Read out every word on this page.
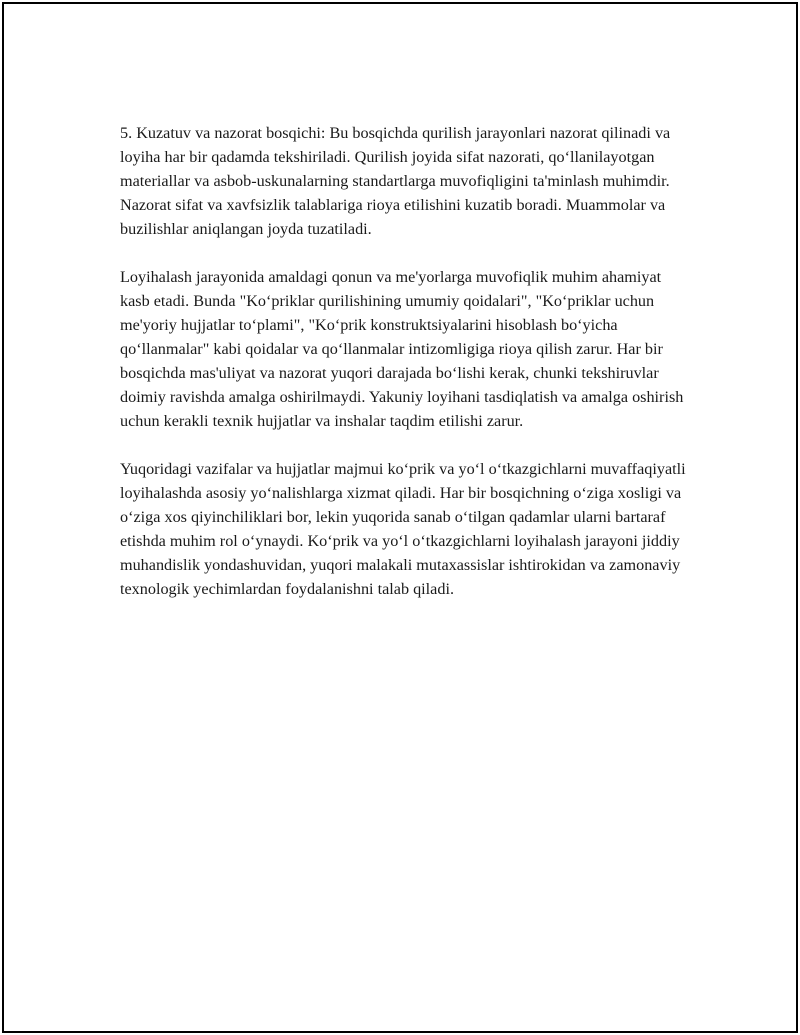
5. Kuzatuv va nazorat bosqichi: Bu bosqichda qurilish jarayonlari nazorat qilinadi va loyiha har bir qadamda tekshiriladi. Qurilish joyida sifat nazorati, qo‘llanilayotgan materiallar va asbob-uskunalarning standartlarga muvofiqligini ta'minlash muhimdir. Nazorat sifat va xavfsizlik talablariga rioya etilishini kuzatib boradi. Muammolar va buzilishlar aniqlangan joyda tuzatiladi.

Loyihalash jarayonida amaldagi qonun va me'yorlarga muvofiqlik muhim ahamiyat kasb etadi. Bunda "Ko‘priklar qurilishining umumiy qoidalari", "Ko‘priklar uchun me'yoriy hujjatlar to‘plami", "Ko‘prik konstruktsiyalarini hisoblash bo‘yicha qo‘llanmalar" kabi qoidalar va qo‘llanmalar intizomligiga rioya qilish zarur. Har bir bosqichda mas'uliyat va nazorat yuqori darajada bo‘lishi kerak, chunki tekshiruvlar doimiy ravishda amalga oshirilmaydi. Yakuniy loyihani tasdiqlatish va amalga oshirish uchun kerakli texnik hujjatlar va inshalar taqdim etilishi zarur.

Yuqoridagi vazifalar va hujjatlar majmui ko‘prik va yo‘l o‘tkazgichlarni muvaffaqiyatli loyihalashda asosiy yo‘nalishlarga xizmat qiladi. Har bir bosqichning o‘ziga xosligi va o‘ziga xos qiyinchiliklari bor, lekin yuqorida sanab o‘tilgan qadamlar ularni bartaraf etishda muhim rol o‘ynaydi. Ko‘prik va yo‘l o‘tkazgichlarni loyihalash jarayoni jiddiy muhandislik yondashuvidan, yuqori malakali mutaxassislar ishtirokidan va zamonaviy texnologik yechimlardan foydalanishni talab qiladi.
